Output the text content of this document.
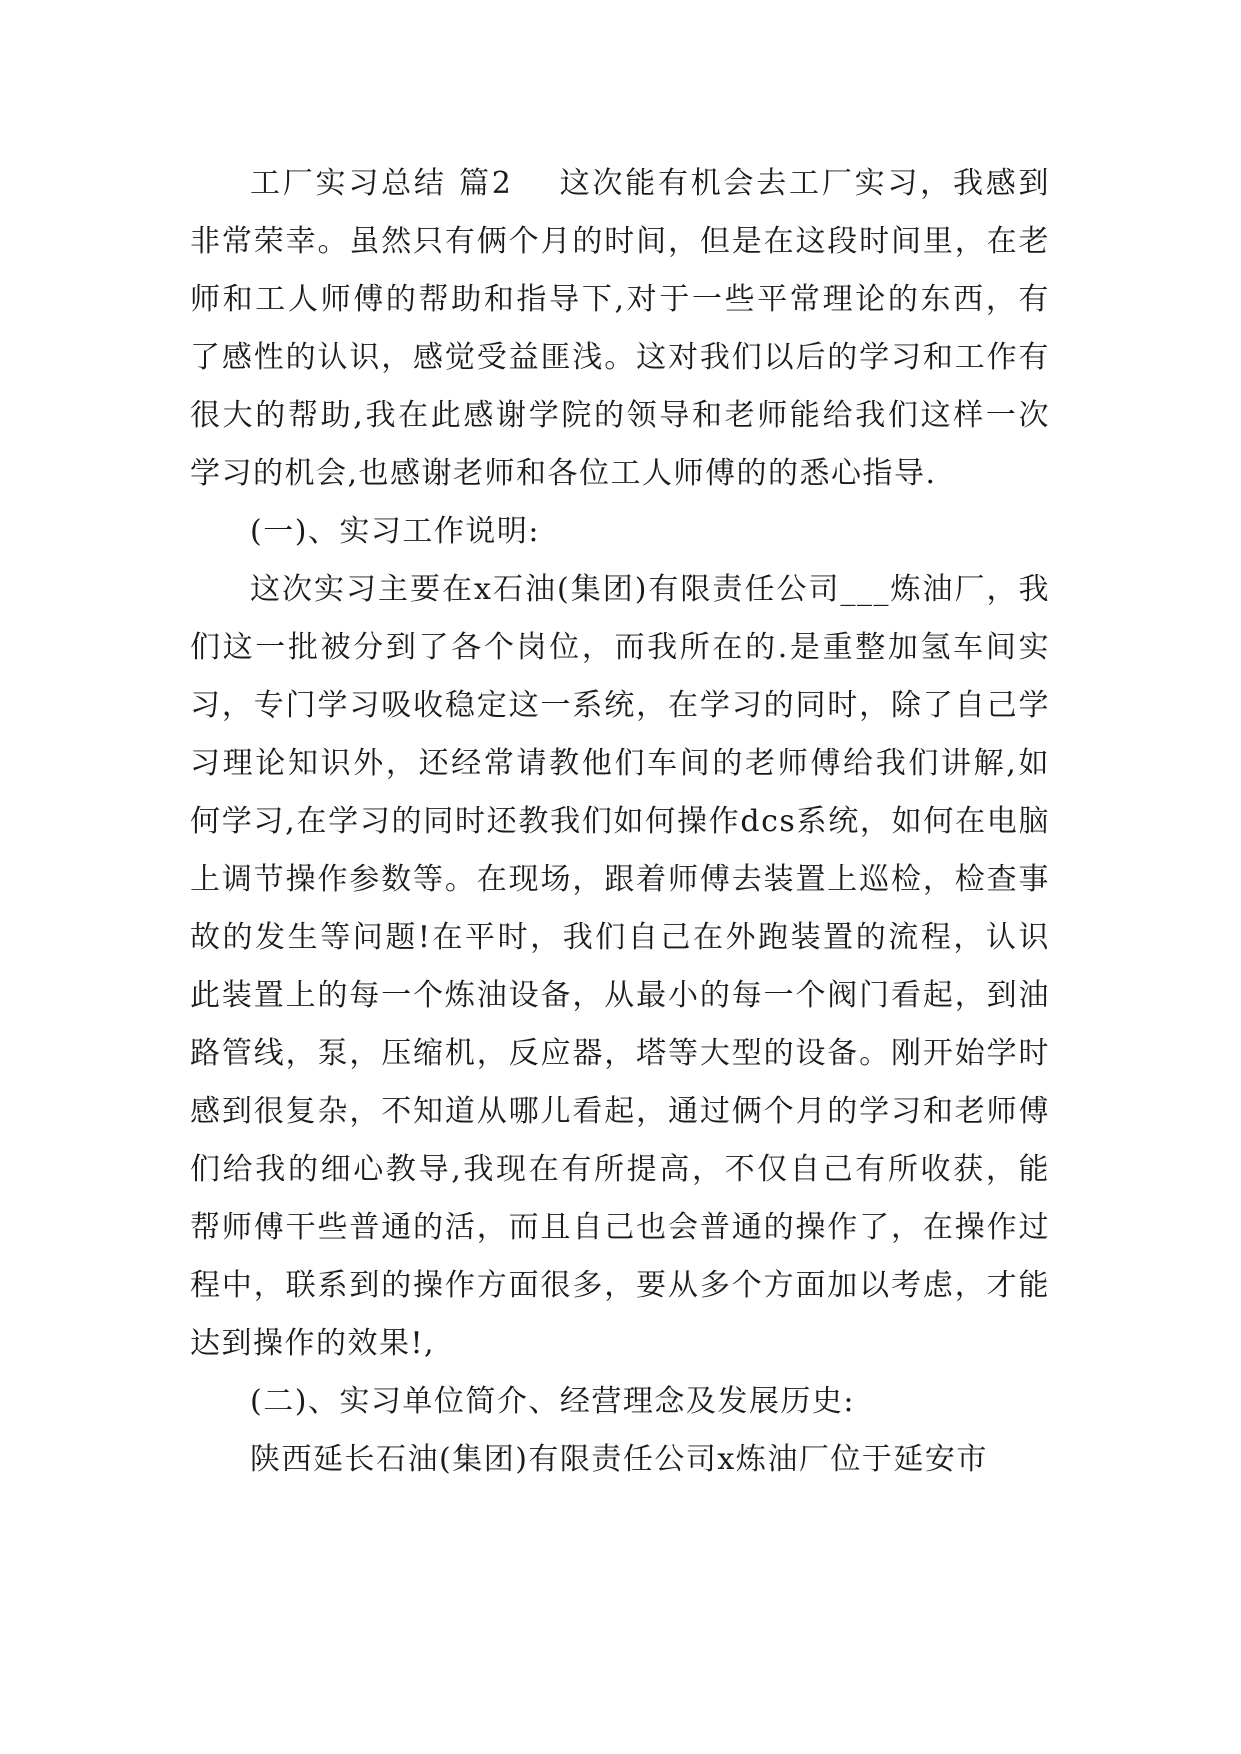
工厂实习总结 篇2 这次能有机会去工厂实习，我感到非常荣幸。虽然只有俩个月的时间，但是在这段时间里，在老师和工人师傅的帮助和指导下,对于一些平常理论的东西，有了感性的认识，感觉受益匪浅。这对我们以后的学习和工作有很大的帮助,我在此感谢学院的领导和老师能给我们这样一次学习的机会,也感谢老师和各位工人师傅的的悉心指导.

(一)、实习工作说明:

这次实习主要在x石油(集团)有限责任公司___炼油厂，我们这一批被分到了各个岗位，而我所在的.是重整加氢车间实习，专门学习吸收稳定这一系统，在学习的同时，除了自己学习理论知识外，还经常请教他们车间的老师傅给我们讲解,如何学习,在学习的同时还教我们如何操作dcs系统，如何在电脑上调节操作参数等。在现场，跟着师傅去装置上巡检，检查事故的发生等问题!在平时，我们自己在外跑装置的流程，认识此装置上的每一个炼油设备，从最小的每一个阀门看起，到油路管线，泵，压缩机，反应器，塔等大型的设备。刚开始学时感到很复杂，不知道从哪儿看起，通过俩个月的学习和老师傅们给我的细心教导,我现在有所提高，不仅自己有所收获，能帮师傅干些普通的活，而且自己也会普通的操作了，在操作过程中，联系到的操作方面很多，要从多个方面加以考虑，才能达到操作的效果!,

(二)、实习单位简介、经营理念及发展历史:

陕西延长石油(集团)有限责任公司x炼油厂位于延安市
